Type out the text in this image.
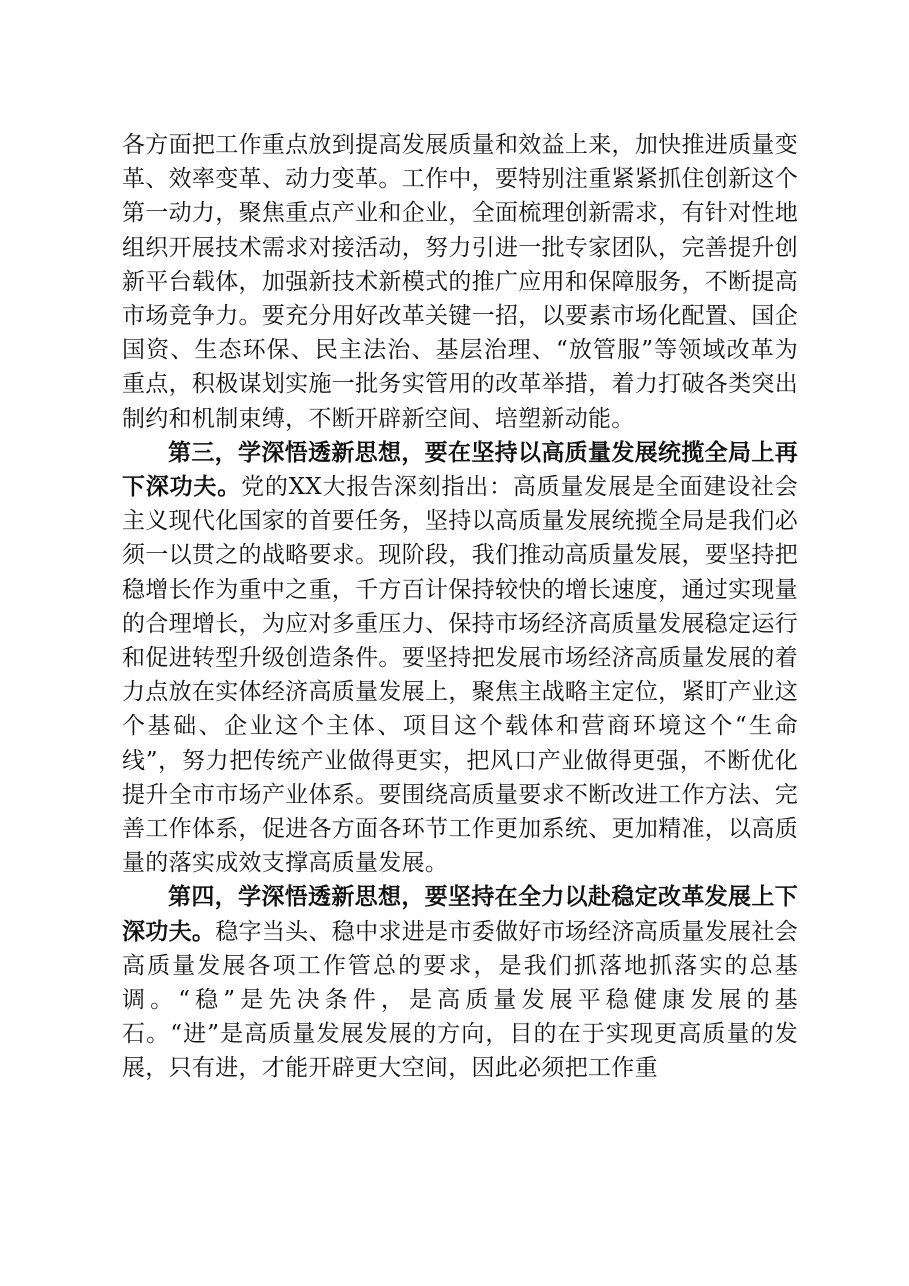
各方面把工作重点放到提高发展质量和效益上来，加快推进质量变革、效率变革、动力变革。工作中，要特别注重紧紧抓住创新这个第一动力，聚焦重点产业和企业，全面梳理创新需求，有针对性地组织开展技术需求对接活动，努力引进一批专家团队，完善提升创新平台载体，加强新技术新模式的推广应用和保障服务，不断提高市场竞争力。要充分用好改革关键一招，以要素市场化配置、国企国资、生态环保、民主法治、基层治理、“放管服”等领域改革为重点，积极谋划实施一批务实管用的改革举措，着力打破各类突出制约和机制束缚，不断开辟新空间、培塑新动能。

第三，学深悟透新思想，要在坚持以高质量发展统揽全局上再下深功夫。党的XX大报告深刻指出：高质量发展是全面建设社会主义现代化国家的首要任务，坚持以高质量发展统揽全局是我们必须一以贯之的战略要求。现阶段，我们推动高质量发展，要坚持把稳增长作为重中之重，千方百计保持较快的增长速度，通过实现量的合理增长，为应对多重压力、保持市场经济高质量发展稳定运行和促进转型升级创造条件。要坚持把发展市场经济高质量发展的着力点放在实体经济高质量发展上，聚焦主战略主定位，紧盯产业这个基础、企业这个主体、项目这个载体和营商环境这个“生命线”，努力把传统产业做得更实，把风口产业做得更强，不断优化提升全市市场产业体系。要围绕高质量要求不断改进工作方法、完善工作体系，促进各方面各环节工作更加系统、更加精准，以高质量的落实成效支撑高质量发展。

第四，学深悟透新思想，要坚持在全力以赴稳定改革发展上下深功夫。稳字当头、稳中求进是市委做好市场经济高质量发展社会高质量发展各项工作管总的要求，是我们抓落地抓落实的总基调。“稳”是先决条件，是高质量发展平稳健康发展的基石。“进”是高质量发展发展的方向，目的在于实现更高质量的发展，只有进，才能开辟更大空间，因此必须把工作重
